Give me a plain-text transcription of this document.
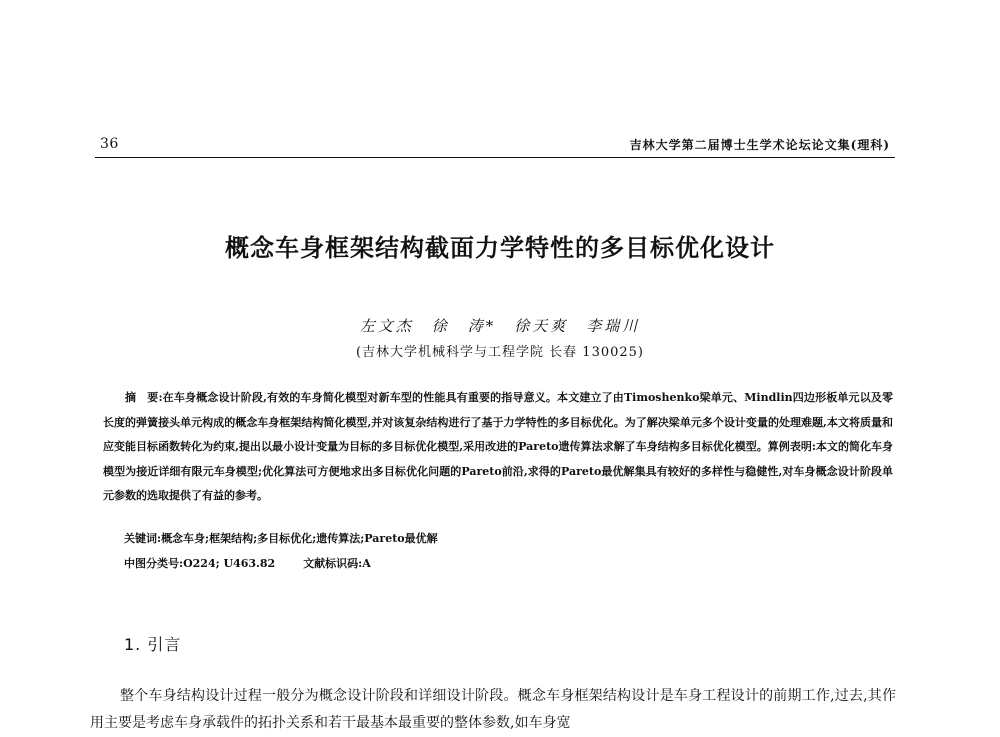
36	吉林大学第二届博士生学术论坛论文集(理科)
概念车身框架结构截面力学特性的多目标优化设计
左文杰　徐　涛*　徐天爽　李瑞川
(吉林大学机械科学与工程学院 长春 130025)
摘　要:在车身概念设计阶段,有效的车身简化模型对新车型的性能具有重要的指导意义。本文建立了由Timoshenko梁单元、Mindlin四边形板单元以及零长度的弹簧接头单元构成的概念车身框架结构简化模型,并对该复杂结构进行了基于力学特性的多目标优化。为了解决梁单元多个设计变量的处理难题,本文将质量和应变能目标函数转化为约束,提出以最小设计变量为目标的多目标优化模型,采用改进的Pareto遗传算法求解了车身结构多目标优化模型。算例表明:本文的简化车身模型为接近详细有限元车身模型;优化算法可方便地求出多目标优化问题的Pareto前沿,求得的Pareto最优解集具有较好的多样性与稳健性,对车身概念设计阶段单元参数的选取提供了有益的参考。
关键词:概念车身;框架结构;多目标优化;遗传算法;Pareto最优解
中图分类号:O224; U463.82	文献标识码:A
1. 引言
整个车身结构设计过程一般分为概念设计阶段和详细设计阶段。概念车身框架结构设计是车身工程设计的前期工作,过去,其作用主要是考虑车身承载件的拓扑关系和若干最基本最重要的整体参数,如车身宽
